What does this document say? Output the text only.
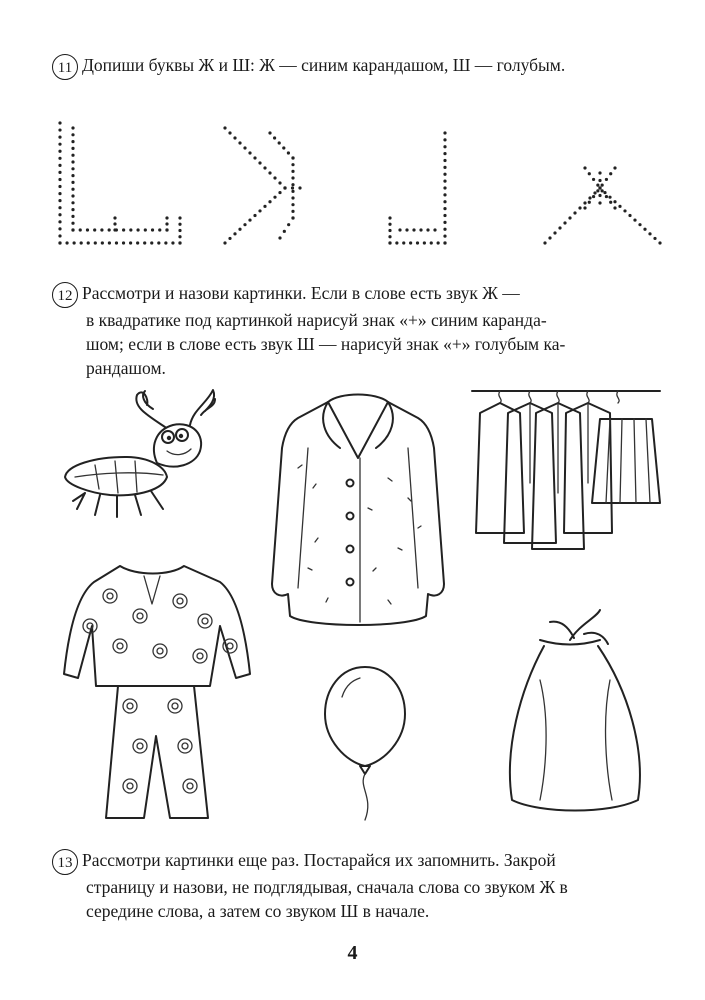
11 Допиши буквы Ж и Ш: Ж — синим карандашом, Ш — голубым.
12 Рассмотри и назови картинки. Если в слове есть звук Ж —
в квадратике под картинкой нарисуй знак «+» синим каранда-
шом; если в слове есть звук Ш — нарисуй знак «+» голубым ка-
рандашом.
13 Рассмотри картинки еще раз. Постарайся их запомнить. Закрой
страницу и назови, не подглядывая, сначала слова со звуком Ж в
середине слова, а затем со звуком Ш в начале.
4
